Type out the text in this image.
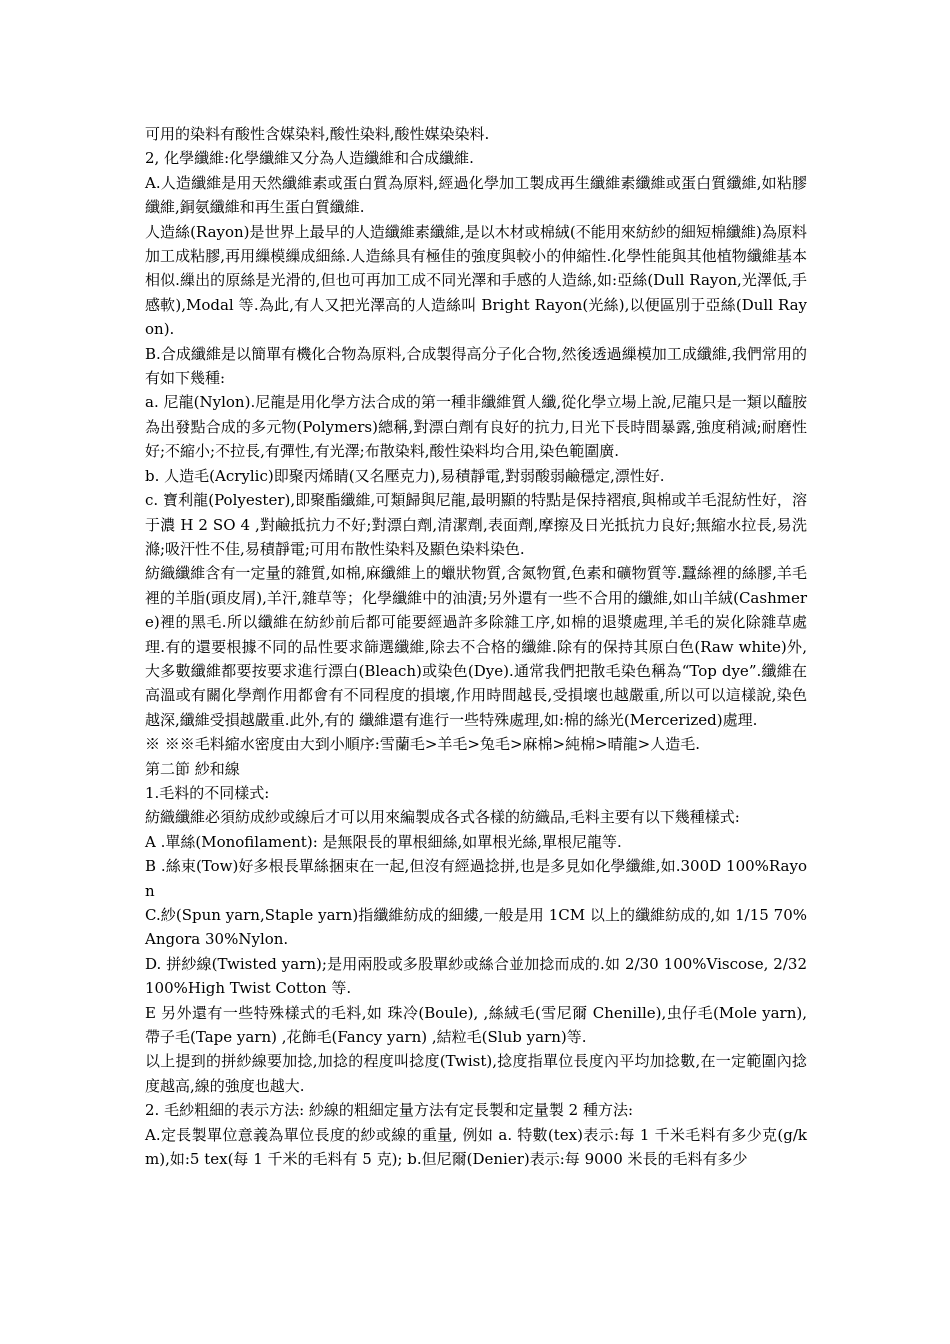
可用的染料有酸性含媒染料,酸性染料,酸性媒染染料.

2, 化學纖維:化學纖維又分為人造纖維和合成纖維.

A.人造纖維是用天然纖維素或蛋白質為原料,經過化學加工製成再生纖維素纖維或蛋白質纖維,如粘膠纖維,銅氨纖維和再生蛋白質纖維.

人造絲(Rayon)是世界上最早的人造纖維素纖維,是以木材或棉絨(不能用來紡紗的細短棉纖維)為原料加工成粘膠,再用繅模繅成細絲.人造絲具有極佳的強度與較小的伸縮性.化學性能與其他植物纖維基本相似.繅出的原絲是光滑的,但也可再加工成不同光澤和手感的人造絲,如:亞絲(Dull Rayon,光澤低,手感軟),Modal 等.為此,有人又把光澤高的人造絲叫 Bright Rayon(光絲),以便區別于亞絲(Dull Rayon).

B.合成纖維是以簡單有機化合物為原料,合成製得高分子化合物,然後透過繅模加工成纖維,我們常用的有如下幾種:

a. 尼龍(Nylon).尼龍是用化學方法合成的第一種非纖維質人纖,從化學立場上說,尼龍只是一類以醯胺為出發點合成的多元物(Polymers)總稱,對漂白劑有良好的抗力,日光下長時間暴露,強度稍減;耐磨性好;不縮小;不拉長,有彈性,有光澤;布散染料,酸性染料均合用,染色範圍廣.

b. 人造毛(Acrylic)即聚丙烯睛(又名壓克力),易積靜電,對弱酸弱鹼穩定,漂性好.

c. 寶利龍(Polyester),即聚酯纖維,可類歸與尼龍,最明顯的特點是保持褶痕,與棉或羊毛混紡性好，溶于濃 H 2 SO 4 ,對鹼抵抗力不好;對漂白劑,清潔劑,表面劑,摩擦及日光抵抗力良好;無縮水拉長,易洗滌;吸汗性不佳,易積靜電;可用布散性染料及顯色染料染色.

紡織纖維含有一定量的雜質,如棉,麻纖維上的蠟狀物質,含氮物質,色素和礦物質等.蠶絲裡的絲膠,羊毛裡的羊脂(頭皮屑),羊汗,雜草等；化學纖維中的油漬;另外還有一些不合用的纖維,如山羊絨(Cashmere)裡的黑毛.所以纖維在紡紗前后都可能要經過許多除雜工序,如棉的退漿處理,羊毛的炭化除雜草處理.有的還要根據不同的品性要求篩選纖維,除去不合格的纖維.除有的保持其原白色(Raw white)外,大多數纖維都要按要求進行漂白(Bleach)或染色(Dye).通常我們把散毛染色稱為“Top dye”.纖維在高溫或有關化學劑作用都會有不同程度的損壞,作用時間越長,受損壞也越嚴重,所以可以這樣說,染色越深,纖維受損越嚴重.此外,有的 纖維還有進行一些特殊處理,如:棉的絲光(Mercerized)處理.

※ ※※毛料縮水密度由大到小順序:雪蘭毛>羊毛>兔毛>麻棉>純棉>晴龍>人造毛.

第二節 紗和線

1.毛料的不同樣式:

紡織纖維必須紡成紗或線后才可以用來編製成各式各樣的紡織品,毛料主要有以下幾種樣式:

A .單絲(Monofilament): 是無限長的單根細絲,如單根光絲,單根尼龍等.

B .絲束(Tow)好多根長單絲捆束在一起,但沒有經過捻拼,也是多見如化學纖維,如.300D 100%Rayon

C.紗(Spun yarn,Staple yarn)指纖維紡成的細縷,一般是用 1CM 以上的纖維紡成的,如 1/15 70%Angora 30%Nylon.

D. 拼紗線(Twisted yarn);是用兩股或多股單紗或絲合並加捻而成的.如 2/30 100%Viscose, 2/32 100%High Twist Cotton 等.

E 另外還有一些特殊樣式的毛料,如 珠冷(Boule), ,絲絨毛(雪尼爾 Chenille),虫仔毛(Mole yarn),帶子毛(Tape yarn) ,花飾毛(Fancy yarn) ,結粒毛(Slub yarn)等.

以上提到的拼紗線要加捻,加捻的程度叫捻度(Twist),捻度指單位長度內平均加捻數,在一定範圍內捻度越高,線的強度也越大.

2. 毛紗粗細的表示方法: 紗線的粗細定量方法有定長製和定量製 2 種方法:

A.定長製單位意義為單位長度的紗或線的重量, 例如 a. 特數(tex)表示:每 1 千米毛料有多少克(g/km),如:5 tex(每 1 千米的毛料有 5 克); b.但尼爾(Denier)表示:每 9000 米長的毛料有多少
